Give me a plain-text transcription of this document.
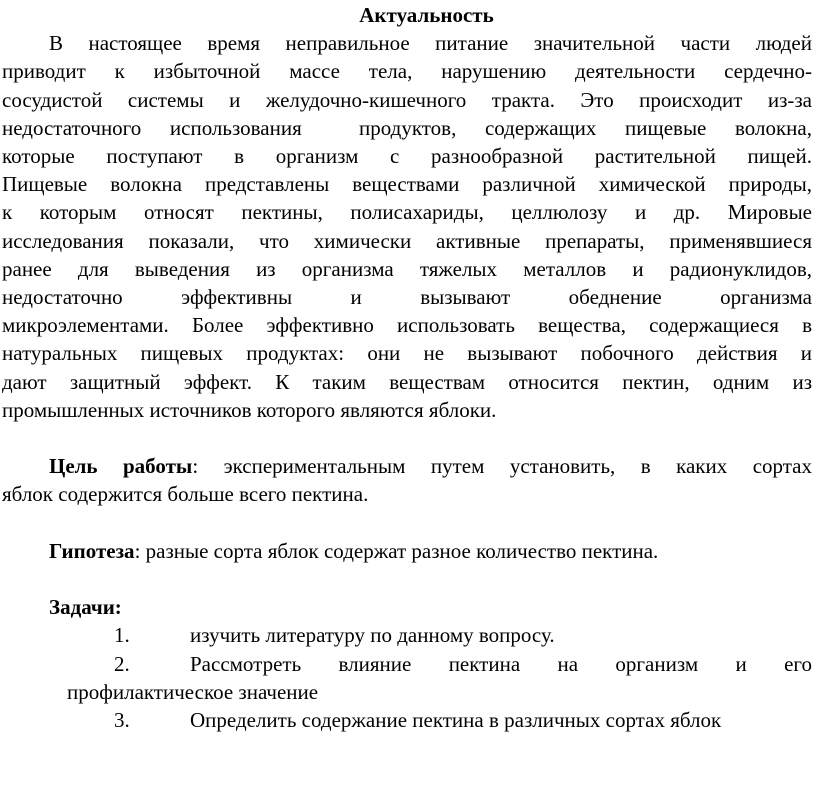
Актуальность
В настоящее время неправильное питание значительной части людей
приводит к избыточной массе тела, нарушению деятельности сердечно-
сосудистой системы и желудочно-кишечного тракта. Это происходит из-за
недостаточного использования  продуктов, содержащих пищевые волокна,
которые поступают в организм с разнообразной растительной пищей.
Пищевые волокна представлены веществами различной химической природы,
к которым относят пектины, полисахариды, целлюлозу и др. Мировые
исследования показали, что химически активные препараты, применявшиеся
ранее для выведения из организма тяжелых металлов и радионуклидов,
недостаточно эффективны и вызывают обеднение организма
микроэлементами. Более эффективно использовать вещества, содержащиеся в
натуральных пищевых продуктах: они не вызывают побочного действия и
дают защитный эффект. К таким веществам относится пектин, одним из
промышленных источников которого являются яблоки.
Цель работы: экспериментальным путем установить, в каких сортах
яблок содержится больше всего пектина.
Гипотеза: разные сорта яблок содержат разное количество пектина.
Задачи:
1.	изучить литературу по данному вопросу.
2.	Рассмотреть влияние пектина на организм и его
профилактическое значение
3.	Определить содержание пектина в различных сортах яблок
